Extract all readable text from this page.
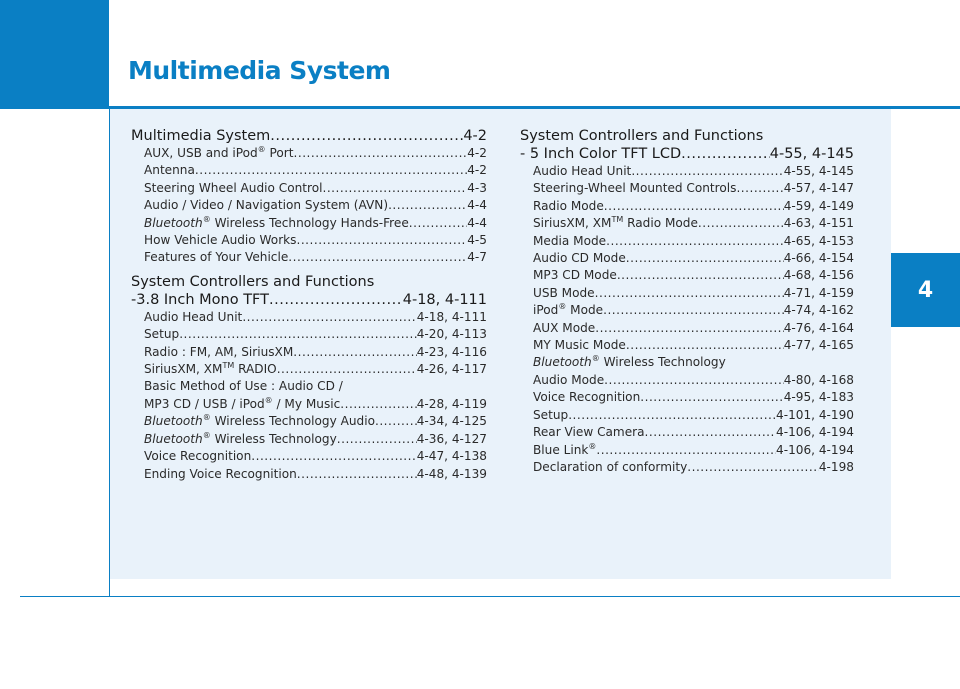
Multimedia System
4
Multimedia System .....	4-2
AUX, USB and iPod® Port .....	4-2
Antenna .....	4-2
Steering Wheel Audio Control .....	4-3
Audio / Video / Navigation System (AVN) .....	4-4
Bluetooth® Wireless Technology Hands-Free .....	4-4
How Vehicle Audio Works .....	4-5
Features of Your Vehicle .....	4-7
System Controllers and Functions
-3.8 Inch Mono TFT .....	4-18, 4-111
Audio Head Unit .....	4-18, 4-111
Setup .....	4-20, 4-113
Radio : FM, AM, SiriusXM .....	4-23, 4-116
SiriusXM, XM™ RADIO .....	4-26, 4-117
Basic Method of Use : Audio CD /
MP3 CD / USB / iPod® / My Music .....	4-28, 4-119
Bluetooth® Wireless Technology Audio .....	4-34, 4-125
Bluetooth® Wireless Technology .....	4-36, 4-127
Voice Recognition .....	4-47, 4-138
Ending Voice Recognition .....	4-48, 4-139
System Controllers and Functions
- 5 Inch Color TFT LCD .....	4-55, 4-145
Audio Head Unit .....	4-55, 4-145
Steering-Wheel Mounted Controls .....	4-57, 4-147
Radio Mode .....	4-59, 4-149
SiriusXM, XM™ Radio Mode .....	4-63, 4-151
Media Mode .....	4-65, 4-153
Audio CD Mode .....	4-66, 4-154
MP3 CD Mode .....	4-68, 4-156
USB Mode .....	4-71, 4-159
iPod® Mode .....	4-74, 4-162
AUX Mode .....	4-76, 4-164
MY Music Mode .....	4-77, 4-165
Bluetooth® Wireless Technology
Audio Mode .....	4-80, 4-168
Voice Recognition .....	4-95, 4-183
Setup .....	4-101, 4-190
Rear View Camera .....	4-106, 4-194
Blue Link® .....	4-106, 4-194
Declaration of conformity .....	4-198
